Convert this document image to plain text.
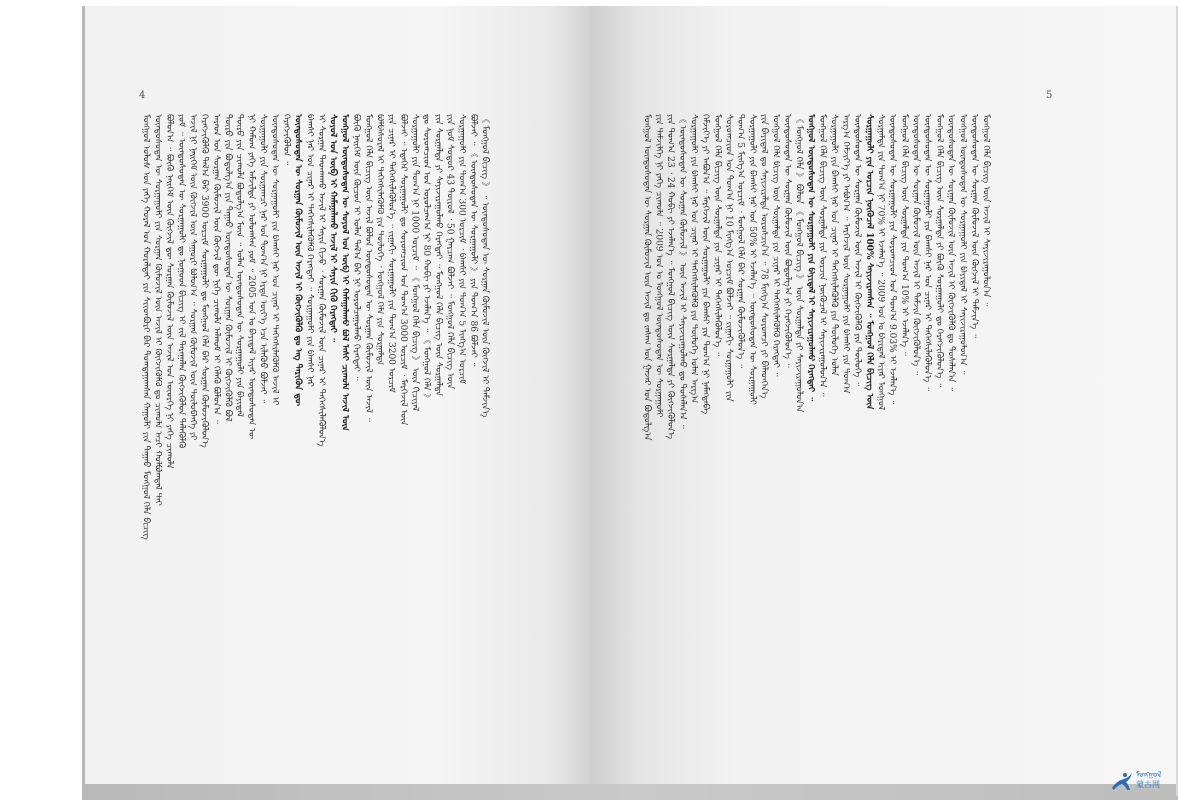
4
ᠮᠣᠩᠭᠣᠯ ᠤᠯᠤᠰ ᠤᠨ ᠶᠡᠬᠡ ᠬᠤᠷᠠᠯ ᠤᠨ ᠬᠤᠷᠠᠯᠳᠠᠢ ᠶᠢᠨ ᠰᠢᠢᠳᠪᠦᠷᠢ ᠪᠠᠷ ᠲᠣᠭᠲᠠᠭᠠᠭᠰᠠᠨ ᠬᠠᠭᠤᠯᠢ ᠶᠢᠨ ᠳᠠᠭᠠᠤ ᠮᠣᠩᠭᠣᠯ ᠬᠡᠯᠡ ᠪᠢᠴᠢᠭ ᠦᠨᠳᠦᠰᠦᠲᠡᠨ ᠦ ᠰᠤᠷᠭᠠᠭᠤᠯᠢ ᠶᠢᠨ ᠰᠤᠷᠭᠠᠨ ᠬᠦᠮᠦᠵᠢᠯ ᠦᠨ ᠠᠵᠢᠯ ᠢ ᠬᠥᠭᠵᠢᠭᠦᠯᠬᠦ ᠳᠤ ᠴᠢᠬᠤᠯᠠ ᠠᠴᠢ ᠬᠣᠯᠪᠣᠭᠳᠠᠯ ᠲᠠᠢ ᠪᠣᠯᠤᠨ᠎ᠠ ᠃ ᠪᠦᠬᠦ ᠨᠡᠢᠭᠡᠮ ᠦᠨ ᠬᠥᠭᠵᠢᠯ ᠳᠦ ᠰᠤᠷᠭᠠᠨ ᠬᠦᠮᠦᠵᠢᠯ ᠦᠨ ᠠᠵᠢᠯ ᠤᠨ ᠦᠦᠷᠭᠡ ᠨᠢ ᠶᠡᠬᠡ ᠴᠢᠬᠤᠯᠠ ᠶᠤᠮ ᠃ ᠦᠨᠳᠦᠰᠦᠲᠡᠨ ᠦ ᠰᠤᠷᠭᠠᠭᠤᠯᠢ ᠳᠤ ᠨᠣᠭᠣᠳ ᠪᠢᠴᠢᠭ ᠢ ᠵᠢᠯ ᠳᠠᠷᠠᠭᠠᠯᠠᠨ ᠬᠥᠭᠵᠢᠭᠦᠯᠦᠨ ᠲᠡᠯᠡᠭᠦᠯᠬᠦ ᠠᠵᠢᠯ ᠨᠢ ᠨᠡᠢᠭᠡᠮ ᠦᠨ ᠬᠥᠭᠵᠢᠯ ᠦᠨ ᠰᠠᠭᠤᠷᠢ ᠪᠣᠯᠤᠨ᠎ᠠ ᠃ ᠰᠤᠷᠭᠠᠨ ᠬᠦᠮᠦᠵᠢᠯ ᠦᠨ ᠲᠥᠯᠥᠪᠯᠡᠭᠡ ᠶᠢ ᠬᠡᠷᠡᠭᠵᠢᠭᠦᠯᠬᠦ ᠲᠠᠯ᠎ᠠ ᠪᠠᠷ 3900 ᠣᠷᠴᠢᠮ ᠰᠤᠷᠭᠠᠭᠤᠯᠢ ᠳᠤ ᠮᠣᠩᠭᠣᠯ ᠬᠡᠯᠡ ᠪᠡᠷ ᠰᠤᠷᠭᠠᠨ ᠬᠦᠮᠦᠵᠢᠬᠦᠯᠦᠨ᠎ᠡ ᠠᠷᠠᠳ ᠤᠨ ᠰᠤᠷᠭᠠᠨ ᠬᠦᠮᠦᠵᠢᠯ ᠦᠨ ᠬᠥᠭᠵᠢᠯ ᠳᠦ ᠨᠢᠭᠡ ᠴᠢᠬᠤᠯᠠ ᠠᠯᠬᠤᠮ ᠢ ᠬᠡᠯᠡᠬᠦ ᠪᠣᠯᠤᠨ᠎ᠠ ᠃ ᠲᠥᠷᠥ ᠶᠢᠨ ᠪᠣᠳᠣᠯᠭ᠎ᠠ ᠶᠢᠨ ᠳᠠᠭᠠᠤ ᠦᠨᠳᠦᠰᠦᠲᠡᠨ ᠦ ᠰᠤᠷᠭᠠᠨ ᠬᠦᠮᠦᠵᠢᠯ ᠢ ᠬᠥᠭᠵᠢᠭᠦᠯᠬᠦ ᠪᠣᠯ ᠲᠥᠷᠥ ᠶᠢᠨ ᠴᠢᠬᠤᠯᠠ ᠪᠣᠳᠣᠯᠭ᠎ᠠ ᠮᠥᠨ ᠃ ᠣᠯᠠᠨ ᠦᠨᠳᠦᠰᠦᠲᠡᠨ ᠦ ᠰᠤᠷᠭᠠᠭᠤᠯᠢ ᠶᠢᠨ ᠪᠠᠶᠢᠳᠠᠯ ᠨᠢ ᠬᠠᠮᠤᠭ ᠶᠡᠬᠡ ᠠᠮᠵᠢᠯᠲᠠ ᠶᠢ ᠣᠯᠤᠭᠰᠠᠨ ᠶᠤᠮ ᠃ 2005 ᠣᠨ ᠤ ᠪᠠᠶᠢᠳᠠᠯ ᠢᠶᠠᠷ ᠦᠨᠳᠦᠰᠦᠲᠡᠨ ᠦ ᠰᠤᠷᠭᠠᠭᠤᠯᠢ ᠶᠢᠨ ᠰᠤᠷᠭᠠᠭᠴᠢ ᠨᠠᠷ ᠤᠨ ᠲᠣᠭ᠎ᠠ ᠨᠢ ᠡᠷᠲᠡ ᠦᠶ᠎ᠡ ᠡᠴᠡ ᠢᠯᠡᠭᠦᠦ ᠪᠣᠯᠵᠠᠢ ᠃ ᠦᠨᠳᠦᠰᠦᠲᠡᠨ ᠦ ᠰᠤᠷᠭᠠᠭᠤᠯᠢ ᠶᠢᠨ ᠪᠠᠭᠰᠢ ᠨᠠᠷ ᠤᠨ ᠴᠢᠨᠠᠷ ᠢ ᠳᠡᠭᠡᠭᠰᠢᠯᠡᠭᠦᠯᠬᠦ ᠠᠵᠢᠯ ᠢ ᠬᠡᠷᠡᠭᠵᠢᠭᠦᠯᠦᠨ ᠃ ᠦᠨᠳᠦᠰᠦᠲᠡᠨ ᠦ ᠰᠤᠷᠭᠠᠨ ᠬᠦᠮᠦᠵᠢᠯ ᠦᠨ ᠠᠵᠢᠯ ᠢ ᠬᠥᠭᠵᠢᠭᠦᠯᠬᠦ ᠳᠤ ᠡᠩ ᠲᠡᠷᠢᠭᠦᠨ ᠳᠦ ᠪᠠᠭᠰᠢ ᠨᠠᠷ ᠤᠨ ᠴᠢᠨᠠᠷ ᠢ ᠳᠡᠭᠡᠭᠰᠢᠯᠡᠭᠦᠯᠬᠦ ᠬᠡᠷᠡᠭᠲᠡᠢ ᠃ ᠰᠤᠷᠭᠠᠭᠤᠯᠢ ᠶᠢᠨ ᠪᠠᠭᠰᠢ ᠨᠠᠷ ᠢ ᠰᠤᠷᠭᠠᠨ ᠳᠠᠳᠬᠠᠬᠤ ᠠᠵᠢᠯ ᠢ ᠰᠠᠶᠢᠨ ᠬᠢᠵᠦ ᠂ ᠰᠤᠷᠭᠠᠨ ᠬᠦᠮᠦᠵᠢᠯ ᠦᠨ ᠴᠢᠨᠠᠷ ᠢ ᠳᠡᠭᠡᠭᠰᠢᠯᠡᠭᠦᠯᠦᠨ᠎ᠡ ᠰᠣᠶᠣᠯ ᠤᠨ ᠥᠪ ᠢ ᠬᠠᠮᠠᠭᠠᠯᠠᠬᠤ ᠠᠵᠢᠯ ᠢ ᠰᠠᠶᠢᠨ ᠬᠢᠬᠦ ᠬᠡᠷᠡᠭᠲᠡᠢ ᠃ ᠮᠣᠩᠭᠣᠯ ᠦᠨᠳᠦᠰᠦᠲᠡᠨ ᠦ ᠰᠣᠶᠣᠯ ᠤᠨ ᠥᠪ ᠢ ᠬᠠᠮᠠᠭᠠᠯᠠᠬᠤ ᠪᠣᠯ ᠮᠠᠰᠢ ᠴᠢᠬᠤᠯᠠ ᠠᠵᠢᠯ ᠮᠥᠨ ᠪᠦᠬᠦ ᠨᠡᠢᠭᠡᠮ ᠦᠨ ᠬᠦᠴᠦᠨ ᠢ ᠣᠯᠠᠨ ᠲᠠᠯ᠎ᠠ ᠪᠠᠷ ᠨᠢ ᠣᠷᠣᠯᠴᠠᠭᠤᠯᠬᠤ ᠬᠡᠷᠡᠭᠲᠡᠢ ᠃ ᠮᠣᠩᠭᠣᠯ ᠬᠡᠯᠡ ᠪᠢᠴᠢᠭ ᠦᠨ ᠠᠵᠢᠯ ᠪᠣᠯᠤᠨ ᠦᠨᠳᠦᠰᠦᠲᠡᠨ ᠦ ᠰᠤᠷᠭᠠᠨ ᠬᠦᠮᠦᠵᠢᠯ ᠦᠨ ᠠᠵᠢᠯ ᠃ ᠪᠣᠯᠪᠠᠰᠤᠷᠠᠯ ᠢ ᠳᠡᠭᠡᠭᠰᠢᠯᠡᠭᠦᠯᠬᠦ ᠶᠢᠨ ᠲᠥᠯᠥᠭᠡ ᠂ ᠮᠣᠩᠭᠣᠯ ᠬᠡᠯᠡ ᠶᠢᠨ ᠰᠤᠷᠭᠠᠯᠲᠠ ᠶᠢᠨ ᠴᠢᠨᠠᠷ ᠢ ᠳᠡᠭᠡᠭᠰᠢᠯᠡᠭᠦᠯᠦᠨ᠎ᠡ ᠃ ᠵᠢᠭᠠᠬᠢ ᠰᠤᠷᠭᠠᠭᠤᠯᠢ ᠶᠢᠨ ᠲᠣᠭ᠎ᠠ 3200 ᠣᠷᠴᠢᠮ ᠪᠣᠯᠵᠠᠢ ᠃ ᠡᠳᠡᠭᠡᠷ ᠰᠤᠷᠭᠠᠭᠤᠯᠢ ᠳᠤ ᠰᠤᠷᠤᠭᠴᠢᠳ ᠤᠨ ᠲᠣᠭ᠎ᠠ 3000 ᠣᠷᠴᠢᠮ ᠂ ᠮᠡᠷᠭᠡᠵᠢᠯ ᠦᠨ ᠰᠤᠷᠭᠠᠭᠤᠯᠢ ᠶᠢᠨ ᠲᠣᠭ᠎ᠠ ᠨᠢ 1000 ᠣᠷᠴᠢᠮ ᠃ 《 ᠮᠣᠩᠭᠣᠯ ᠬᠡᠯᠡ ᠪᠢᠴᠢᠭ 》 ᠦᠨ ᠬᠢᠴᠢᠶᠡᠯ ᠳᠤ ᠰᠤᠷᠤᠭᠴᠢᠳ ᠤᠨ ᠣᠷᠣᠯᠴᠠᠭ᠎ᠠ ᠨᠢ 80 ᠬᠤᠪᠢ ᠶᠢ ᠡᠵᠡᠯᠡᠨ᠎ᠡ ᠃ 《 ᠮᠣᠩᠭᠣᠯ ᠬᠡᠯᠡ 》 ᠶᠢᠨ ᠰᠤᠷᠭᠠᠯᠲᠠ ᠶᠢ ᠰᠠᠶᠢᠵᠢᠷᠠᠭᠤᠯᠬᠤ ᠬᠡᠷᠡᠭᠲᠡᠢ ᠃ ᠮᠣᠩᠭᠣᠯ ᠬᠡᠯᠡ ᠪᠢᠴᠢᠭ ᠦᠨ ᠰᠤᠷᠭᠠᠯᠲᠠ ᠶᠢᠨ ᠨᠣᠮ ᠰᠣᠳᠤᠷ 43 ᠲᠥᠷᠥᠯ ᠂ 50 ᠭᠠᠷᠴᠠᠭ ᠪᠣᠯᠵᠠᠢ ᠃ ᠮᠣᠩᠭᠣᠯ ᠬᠡᠯᠡ ᠪᠢᠴᠢᠭ ᠦᠨ ᠰᠤᠷᠭᠠᠭᠤᠯᠢ ᠶᠢᠨ ᠲᠣᠭ᠎ᠠ 300 ᠣᠷᠴᠢᠮ ᠂ ᠪᠠᠭᠰᠢ ᠶᠢᠨ ᠲᠣᠭ᠎ᠠ 5 ᠮᠢᠩᠭ᠎ᠠ ᠣᠷᠴᠢᠮ ᠪᠣᠯᠵᠠᠢ ᠃ 《 ᠦᠨᠳᠦᠰᠦᠲᠡᠨ ᠦ ᠰᠤᠷᠭᠠᠭᠤᠯᠢ 》 ᠶᠢᠨ ᠲᠣᠭ᠎ᠠ 86 ᠪᠣᠯᠵᠠᠢ ᠃ 《 ᠮᠣᠩᠭᠣᠯ ᠪᠢᠴᠢᠭ 》 ᠃ ᠦᠨᠳᠦᠰᠦᠲᠡᠨ ᠦ ᠰᠤᠷᠭᠠᠨ ᠬᠦᠮᠦᠵᠢᠯ ᠦᠨ ᠬᠥᠭᠵᠢᠯ ᠢ ᠳᠡᠮᠵᠢᠨ᠎ᠡ
5
ᠮᠣᠩᠭᠣᠯ ᠦᠨᠳᠦᠰᠦᠲᠡᠨ ᠦ ᠰᠤᠷᠭᠠᠨ ᠬᠦᠮᠦᠵᠢᠯ ᠦᠨ ᠠᠵᠢᠯ ᠳᠤ ᠵᠠᠰᠠᠭ ᠤᠨ ᠭᠠᠵᠠᠷ ᠤᠨ ᠪᠤᠳᠤᠯᠭ᠎ᠠ ᠶᠢᠨ ᠳᠡᠮᠵᠢᠯᠭᠡ ᠨᠢ ᠶᠡᠬᠡ ᠴᠢᠬᠤᠯᠠ ᠃ 2009 ᠣᠨ ᠤ ᠮᠣᠩᠭᠣᠯ ᠦᠨᠳᠦᠰᠦᠲᠡᠨ ᠦ ᠰᠤᠷᠭᠠᠭᠤᠯᠢ ᠶᠢᠨ ᠲᠣᠭ᠎ᠠ 23 ᠂ 24 ᠬᠤᠪᠢ ᠶᠢ ᠡᠵᠡᠯᠡᠨ᠎ᠡ ᠃ ᠮᠣᠩᠭᠣᠯ ᠪᠢᠴᠢᠭ ᠦᠨ ᠰᠤᠷᠭᠠᠯᠲᠠ ᠶᠢ ᠬᠥᠭᠵᠢᠭᠦᠯᠦᠨ᠎ᠡ 《 ᠦᠨᠳᠦᠰᠦᠲᠡᠨ ᠦ ᠰᠤᠷᠭᠠᠨ ᠬᠦᠮᠦᠵᠢᠯ 》 ᠦᠨ ᠠᠵᠢᠯ ᠢ ᠰᠠᠶᠢᠵᠢᠷᠠᠭᠤᠯᠬᠤ ᠳᠤ ᠲᠤᠰᠠᠯᠠᠨ᠎ᠠ ᠃ ᠰᠤᠷᠭᠠᠭᠤᠯᠢ ᠶᠢᠨ ᠪᠠᠭᠰᠢ ᠨᠠᠷ ᠤᠨ ᠴᠢᠨᠠᠷ ᠢ ᠳᠡᠭᠡᠭᠰᠢᠯᠡᠭᠦᠯᠬᠦ ᠶᠢᠨ ᠲᠥᠯᠥᠭᠡ ᠣᠯᠠᠨ ᠠᠷᠭ᠎ᠠ ᠬᠡᠮᠵᠢᠶ᠎ᠡ ᠶᠢ ᠠᠪᠤᠨ᠎ᠠ ᠃ ᠮᠡᠷᠭᠡᠵᠢᠯ ᠦᠨ ᠰᠤᠷᠭᠠᠭᠤᠯᠢ ᠶᠢᠨ ᠪᠠᠭᠰᠢ ᠶᠢᠨ ᠲᠣᠭ᠎ᠠ ᠨᠢ ᠨᠡᠮᠡᠭᠳᠡᠪᠡ ᠮᠣᠩᠭᠣᠯ ᠬᠡᠯᠡ ᠪᠢᠴᠢᠭ ᠦᠨ ᠰᠤᠷᠭᠠᠯᠲᠠ ᠶᠢᠨ ᠴᠢᠨᠠᠷ ᠢ ᠳᠡᠭᠡᠭᠰᠢᠯᠡᠭᠦᠯᠦᠨ᠎ᠡ ᠃ ᠰᠤᠷᠤᠭᠴᠢᠳ ᠤᠨ ᠲᠣᠭ᠎ᠠ ᠨᠢ 10 ᠮᠢᠩᠭ᠎ᠠ ᠣᠷᠴᠢᠮ ᠪᠣᠯᠵᠠᠢ ᠃ ᠵᠢᠭᠠᠬᠢ ᠰᠤᠷᠭᠠᠭᠤᠯᠢ ᠶᠢᠨ ᠲᠣᠭ᠎ᠠ 5 ᠮᠢᠩᠭ᠎ᠠ ᠣᠷᠴᠢᠮ ᠂ ᠮᠣᠩᠭᠣᠯ ᠬᠡᠯᠡ ᠪᠡᠷ ᠰᠤᠷᠭᠠᠨ ᠬᠦᠮᠦᠵᠢᠬᠦᠯᠦᠨ᠎ᠡ ᠃ ᠰᠤᠷᠭᠠᠭᠤᠯᠢ ᠶᠢᠨ ᠪᠠᠭᠰᠢ ᠨᠠᠷ ᠤᠨ 50% ᠢ ᠡᠵᠡᠯᠡᠨ᠎ᠡ ᠃ ᠦᠨᠳᠦᠰᠦᠲᠡᠨ ᠦ ᠰᠤᠷᠭᠠᠭᠤᠯᠢ ᠶᠢᠨ ᠪᠠᠶᠢᠳᠠᠯ ᠳᠤ ᠰᠠᠶᠢᠵᠢᠷᠠᠯᠲᠠ ᠤᠷᠤᠰᠴᠢᠨ᠎ᠠ ᠃ 78 ᠮᠢᠩᠭ᠎ᠠ ᠰᠤᠷᠤᠭᠴᠢ ᠶᠢ ᠪᠡᠯᠡᠳᠭᠡᠨ᠎ᠡ ᠮᠣᠩᠭᠣᠯ ᠬᠡᠯᠡ ᠪᠢᠴᠢᠭ ᠦᠨ ᠰᠤᠷᠭᠠᠯᠲᠠ ᠶᠢᠨ ᠴᠢᠨᠠᠷ ᠢ ᠳᠡᠭᠡᠭᠰᠢᠯᠡᠭᠦᠯᠬᠦ ᠬᠡᠷᠡᠭᠲᠡᠢ ᠃ ᠦᠨᠳᠦᠰᠦᠲᠡᠨ ᠦ ᠰᠤᠷᠭᠠᠨ ᠬᠦᠮᠦᠵᠢᠯ ᠦᠨ ᠪᠣᠳᠣᠯᠭ᠎ᠠ ᠶᠢ ᠬᠡᠷᠡᠭᠵᠢᠭᠦᠯᠦᠨ᠎ᠡ ᠃ 《 ᠮᠣᠩᠭᠣᠯ ᠬᠡᠯᠡ 》 ᠪᠣᠯᠤᠨ 《 ᠮᠣᠩᠭᠣᠯ ᠪᠢᠴᠢᠭ 》 ᠦᠨ ᠰᠤᠷᠭᠠᠯᠲᠠ ᠶᠢ ᠰᠠᠶᠢᠵᠢᠷᠠᠭᠤᠯᠤᠨ᠎ᠠ ᠮᠣᠩᠭᠣᠯ ᠦᠨᠳᠦᠰᠦᠲᠡᠨ ᠦ ᠰᠤᠷᠭᠠᠭᠤᠯᠢ ᠶᠢᠨ ᠪᠠᠶᠢᠳᠠᠯ ᠢ ᠰᠠᠶᠢᠵᠢᠷᠠᠭᠤᠯᠬᠤ ᠬᠡᠷᠡᠭᠲᠡᠢ ᠃ ᠮᠣᠩᠭᠣᠯ ᠬᠡᠯᠡ ᠪᠢᠴᠢᠭ ᠦᠨ ᠰᠤᠷᠭᠠᠯᠲᠠ ᠶᠢᠨ ᠣᠷᠴᠢᠨ ᠨᠥᠬᠦᠴᠡᠯ ᠢ ᠰᠠᠶᠢᠵᠢᠷᠠᠭᠤᠯᠤᠨ᠎ᠠ ᠃ ᠰᠤᠷᠭᠠᠭᠤᠯᠢ ᠶᠢᠨ ᠪᠠᠭᠰᠢ ᠨᠠᠷ ᠤᠨ ᠴᠢᠨᠠᠷ ᠢ ᠳᠡᠭᠡᠭᠰᠢᠯᠡᠭᠦᠯᠬᠦ ᠶᠢᠨ ᠲᠥᠯᠥᠭᠡ ᠣᠯᠠᠨ ᠠᠷᠭ᠎ᠠ ᠬᠡᠮᠵᠢᠶ᠎ᠡ ᠶᠢ ᠠᠪᠤᠨ᠎ᠠ ᠃ ᠮᠡᠷᠭᠡᠵᠢᠯ ᠦᠨ ᠰᠤᠷᠭᠠᠭᠤᠯᠢ ᠶᠢᠨ ᠪᠠᠭᠰᠢ ᠶᠢᠨ ᠲᠣᠭ᠎ᠠ ᠦᠨᠳᠦᠰᠦᠲᠡᠨ ᠦ ᠰᠤᠷᠭᠠᠨ ᠬᠦᠮᠦᠵᠢᠯ ᠦᠨ ᠠᠵᠢᠯ ᠢ ᠬᠥᠭᠵᠢᠭᠦᠯᠬᠦ ᠶᠢᠨ ᠲᠥᠯᠥᠭᠡ ᠃ ᠰᠤᠷᠭᠠᠭᠤᠯᠢ ᠶᠢᠨ ᠣᠷᠴᠢᠨ ᠨᠥᠬᠦᠴᠡᠯ 100% ᠰᠠᠶᠢᠵᠢᠷᠠᠭᠰᠠᠨ ᠃ ᠮᠣᠩᠭᠣᠯ ᠬᠡᠯᠡ ᠪᠢᠴᠢᠭ ᠦᠨ ᠰᠤᠷᠭᠠᠯᠲᠠ ᠶᠢᠨ ᠲᠣᠭ᠎ᠠ ᠨᠢ 70% ᠢ ᠡᠵᠡᠯᠡᠨ᠎ᠡ ᠃ 2009 ᠣᠨ ᠤ ᠪᠠᠶᠢᠳᠠᠯ ᠢᠶᠠᠷ ᠮᠣᠩᠭᠣᠯ ᠦᠨᠳᠦᠰᠦᠲᠡᠨ ᠦ ᠰᠤᠷᠭᠠᠭᠤᠯᠢ ᠶᠢᠨ ᠰᠤᠷᠤᠭᠴᠢᠳ ᠤᠨ ᠲᠣᠭ᠎ᠠ 9.03% ᠢ ᠡᠵᠡᠯᠡᠨ᠎ᠡ ᠃ ᠮᠣᠩᠭᠣᠯ ᠬᠡᠯᠡ ᠪᠢᠴᠢᠭ ᠦᠨ ᠰᠤᠷᠭᠠᠯᠲᠠ ᠶᠢᠨ ᠲᠣᠭ᠎ᠠ 10% ᠢ ᠡᠵᠡᠯᠡᠨ᠎ᠡ ᠃ ᠦᠨᠳᠦᠰᠦᠲᠡᠨ ᠦ ᠰᠤᠷᠭᠠᠨ ᠬᠦᠮᠦᠵᠢᠯ ᠦᠨ ᠠᠵᠢᠯ ᠢ ᠳᠡᠮᠵᠢᠨ ᠬᠥᠭᠵᠢᠭᠦᠯᠦᠨ᠎ᠡ ᠃ ᠦᠨᠳᠦᠰᠦᠲᠡᠨ ᠦ ᠰᠤᠷᠭᠠᠭᠤᠯᠢ ᠶᠢᠨ ᠪᠠᠭᠰᠢ ᠨᠠᠷ ᠤᠨ ᠴᠢᠨᠠᠷ ᠢ ᠳᠡᠭᠡᠭᠰᠢᠯᠡᠭᠦᠯᠦᠨ᠎ᠡ ᠃ ᠮᠣᠩᠭᠣᠯ ᠬᠡᠯᠡ ᠪᠢᠴᠢᠭ ᠦᠨ ᠰᠤᠷᠭᠠᠯᠲᠠ ᠶᠢ ᠪᠦᠬᠦ ᠰᠤᠷᠭᠠᠭᠤᠯᠢ ᠳᠤ ᠬᠡᠷᠡᠭᠵᠢᠭᠦᠯᠦᠨ᠎ᠡ ᠃ ᠦᠨᠳᠦᠰᠦᠲᠡᠨ ᠦ ᠰᠤᠷᠭᠠᠨ ᠬᠦᠮᠦᠵᠢᠯ ᠦᠨ ᠠᠵᠢᠯ ᠢ ᠬᠥᠭᠵᠢᠭᠦᠯᠬᠦ ᠳᠤ ᠲᠤᠰᠠᠯᠠᠨ᠎ᠠ ᠃ ᠮᠣᠩᠭᠣᠯ ᠦᠨᠳᠦᠰᠦᠲᠡᠨ ᠦ ᠰᠤᠷᠭᠠᠭᠤᠯᠢ ᠶᠢᠨ ᠪᠠᠶᠢᠳᠠᠯ ᠢ ᠰᠠᠶᠢᠵᠢᠷᠠᠭᠤᠯᠤᠨ᠎ᠠ ᠃ ᠦᠨᠳᠦᠰᠦᠲᠡᠨ ᠦ ᠰᠤᠷᠭᠠᠨ ᠬᠦᠮᠦᠵᠢᠯ ᠦᠨ ᠬᠥᠭᠵᠢᠯ ᠢ ᠳᠡᠮᠵᠢᠨ᠎ᠡ ᠃ ᠮᠣᠩᠭᠣᠯ ᠬᠡᠯᠡ ᠪᠢᠴᠢᠭ ᠦᠨ ᠠᠵᠢᠯ ᠢ ᠰᠠᠶᠢᠵᠢᠷᠠᠭᠤᠯᠤᠨ᠎ᠠ ᠃
ᠮᠣᠩᠭᠣᠯ
蒙古网
